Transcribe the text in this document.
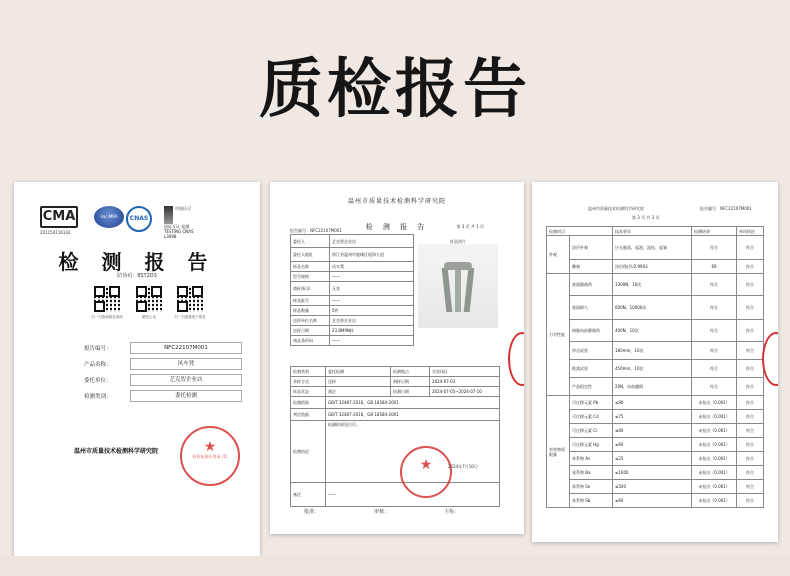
质检报告
CMA
201150116142
ilac-MRA	CNAS
中国认可 国际互认 检测 TESTING CNAS L3088
检 测 报 告
防伪码：8ST2D3
扫一扫查询报告真伪	微信公众	扫一扫查看电子报告
报告编号：	NFC22107M001
产品名称：	风车凳
委托单位：	艺克智企业店
检测类别：	委托检测
温州市质量技术检测科学研究院	★
检验检测专用章 (1)
温州市质量技术检测科学研究院
检 测 报 告
报告编号：NFC22107M001
第 3 页 共 1 页
委托人	艺克智企业店
委托人地址	浙江省温州市鹿城区瓯海大道
样品名称	风车凳
型号规格	——
商标/标识	无登
样品批号	——
样品数量	5件
送样单位名称	艺克智企业店
送样日期	23.8M9N样
商品条形码	——
样品照片
检测类别	委托检测	检测地点	实验场区
来样方式	送样	到样日期	2024-07-03
样品状态	满足	检测日期	2024-07-05~2024-07-10
检测依据	GB/T 32487-2016、GB 18584-2001		
判定依据	GB/T 32487-2016、GB 18584-2001		
检测结论	检测结果见后页。		
备注	——		
★	2024年7月10日
批准：	审核：	主检：
温州市质量技术检测科学研究院	报告编号：NFC22107M001
第 3 页 共 3 页
检测项目		技术要求	检测结果	单项结论
外观	涂层外观	应无脱落、起泡、流挂、起皱	符合	符合
	雕刻	涂层/胶层/2.9903	69	符合
力学性能	座面静载荷	1300N，10次	符合	符合
	座面耐久	600N，10000次	符合	符合
	椅腿向前静载荷	400N，10次	符合	符合
	冲击试验	180mm，10次	符合	符合
	跌落试验	450mm，10次	符合	符合
	产品稳定性	20N，向前翻倒	符合	符合
有害物质限量	可迁移元素 Pb	≤90	未检出（0.001）	符合
	可迁移元素 Cd	≤75	未检出（0.001）	符合
	可迁移元素 Cr	≤60	未检出（0.001）	符合
	可迁移元素 Hg	≤60	未检出（0.001）	符合
	苯系物 As	≤25	未检出（0.001）	符合
	苯系物 Ba	≤1000	未检出（0.001）	符合
	苯系物 Se	≤500	未检出（0.001）	符合
	苯系物 Sb	≤60	未检出（0.001）	符合
